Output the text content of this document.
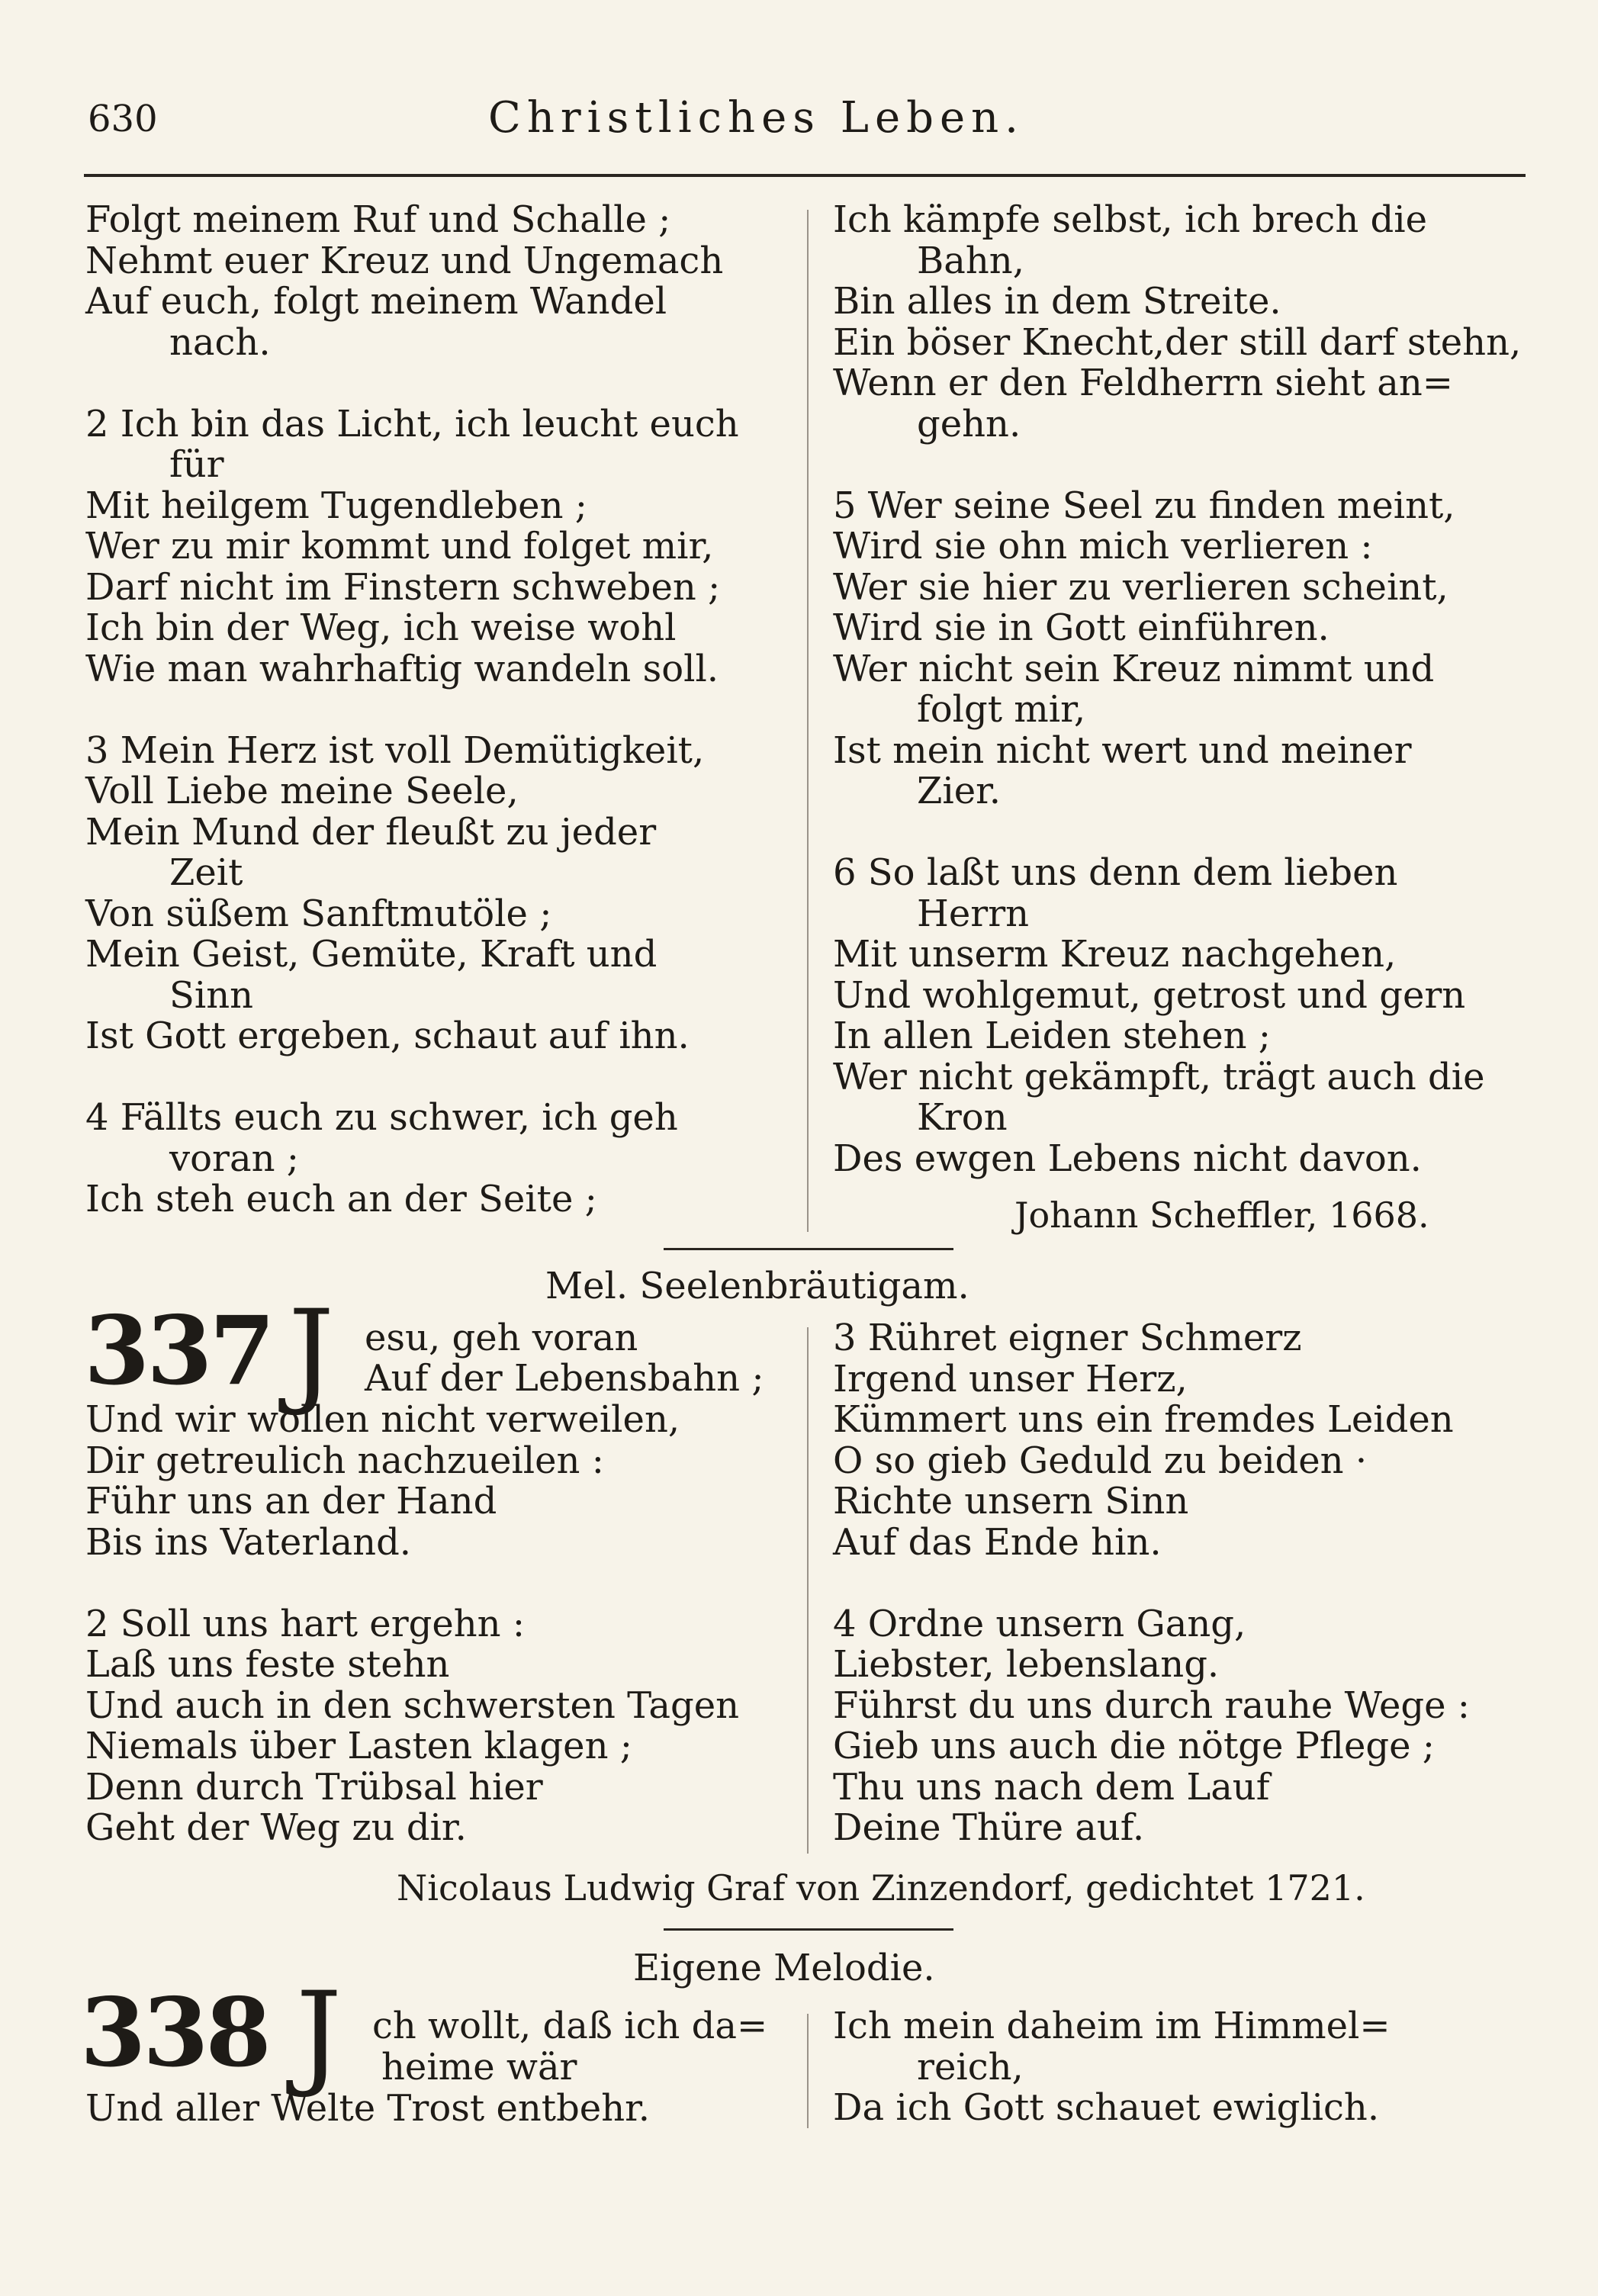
630	Christliches Leben.
Folgt meinem Ruf und Schalle ;
Nehmt euer Kreuz und Ungemach
Auf euch, folgt meinem Wandel
nach.

2 Ich bin das Licht, ich leucht euch
für
Mit heilgem Tugendleben ;
Wer zu mir kommt und folget mir,
Darf nicht im Finstern schweben ;
Ich bin der Weg, ich weise wohl
Wie man wahrhaftig wandeln soll.

3 Mein Herz ist voll Demütigkeit,
Voll Liebe meine Seele,
Mein Mund der fleußt zu jeder
Zeit
Von süßem Sanftmutöle ;
Mein Geist, Gemüte, Kraft und
Sinn
Ist Gott ergeben, schaut auf ihn.

4 Fällts euch zu schwer, ich geh
voran ;
Ich steh euch an der Seite ;
Ich kämpfe selbst, ich brech die
Bahn,
Bin alles in dem Streite.
Ein böser Knecht,der still darf stehn,
Wenn er den Feldherrn sieht an=
gehn.

5 Wer seine Seel zu finden meint,
Wird sie ohn mich verlieren :
Wer sie hier zu verlieren scheint,
Wird sie in Gott einführen.
Wer nicht sein Kreuz nimmt und
folgt mir,
Ist mein nicht wert und meiner
Zier.

6 So laßt uns denn dem lieben
Herrn
Mit unserm Kreuz nachgehen,
Und wohlgemut, getrost und gern
In allen Leiden stehen ;
Wer nicht gekämpft, trägt auch die
Kron
Des ewgen Lebens nicht davon.
Johann Scheffler, 1668.
Mel. Seelenbräutigam.
337 J esu, geh voran
Auf der Lebensbahn ;
Und wir wollen nicht verweilen,
Dir getreulich nachzueilen :
Führ uns an der Hand
Bis ins Vaterland.

2 Soll uns hart ergehn :
Laß uns feste stehn
Und auch in den schwersten Tagen
Niemals über Lasten klagen ;
Denn durch Trübsal hier
Geht der Weg zu dir.
3 Rühret eigner Schmerz
Irgend unser Herz,
Kümmert uns ein fremdes Leiden
O so gieb Geduld zu beiden ·
Richte unsern Sinn
Auf das Ende hin.

4 Ordne unsern Gang,
Liebster, lebenslang.
Führst du uns durch rauhe Wege :
Gieb uns auch die nötge Pflege ;
Thu uns nach dem Lauf
Deine Thüre auf.
Nicolaus Ludwig Graf von Zinzendorf, gedichtet 1721.
Eigene Melodie.
338 J ch wollt, daß ich da=
heime wär
Und aller Welte Trost entbehr.
Ich mein daheim im Himmel=
reich,
Da ich Gott schauet ewiglich.
